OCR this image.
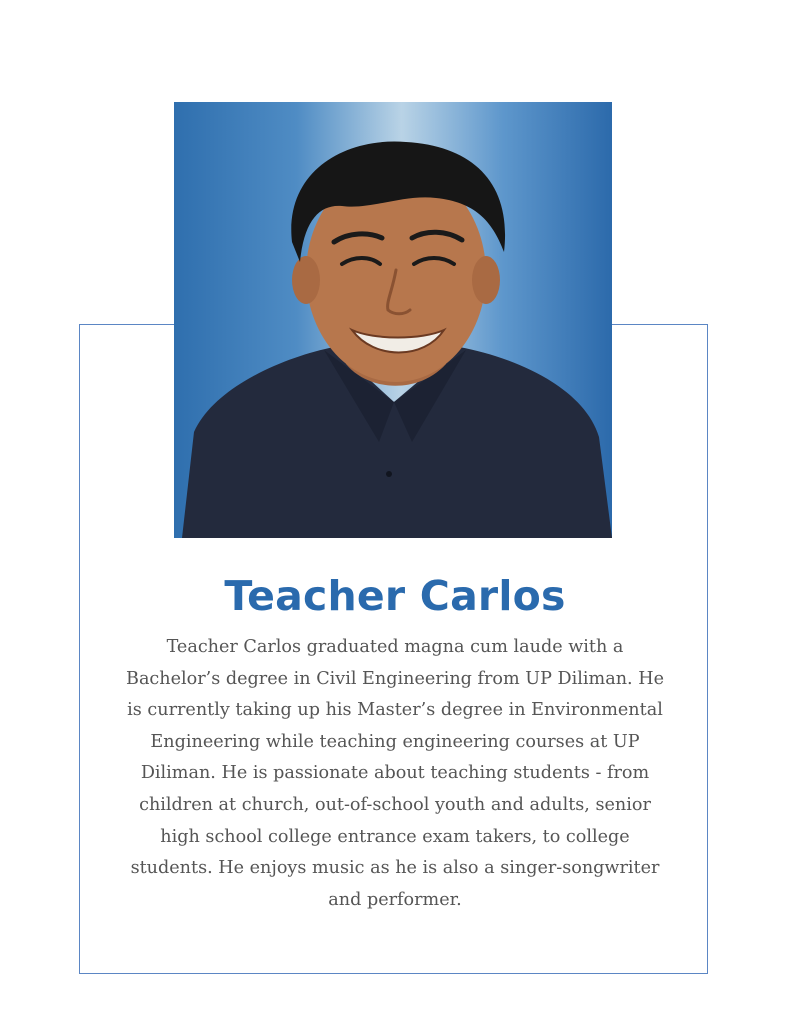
Teacher Carlos

Teacher Carlos graduated magna cum laude with a Bachelor’s degree in Civil Engineering from UP Diliman. He is currently taking up his Master’s degree in Environmental Engineering while teaching engineering courses at UP Diliman. He is passionate about teaching students - from children at church, out-of-school youth and adults, senior high school college entrance exam takers, to college students. He enjoys music as he is also a singer-songwriter and performer.
